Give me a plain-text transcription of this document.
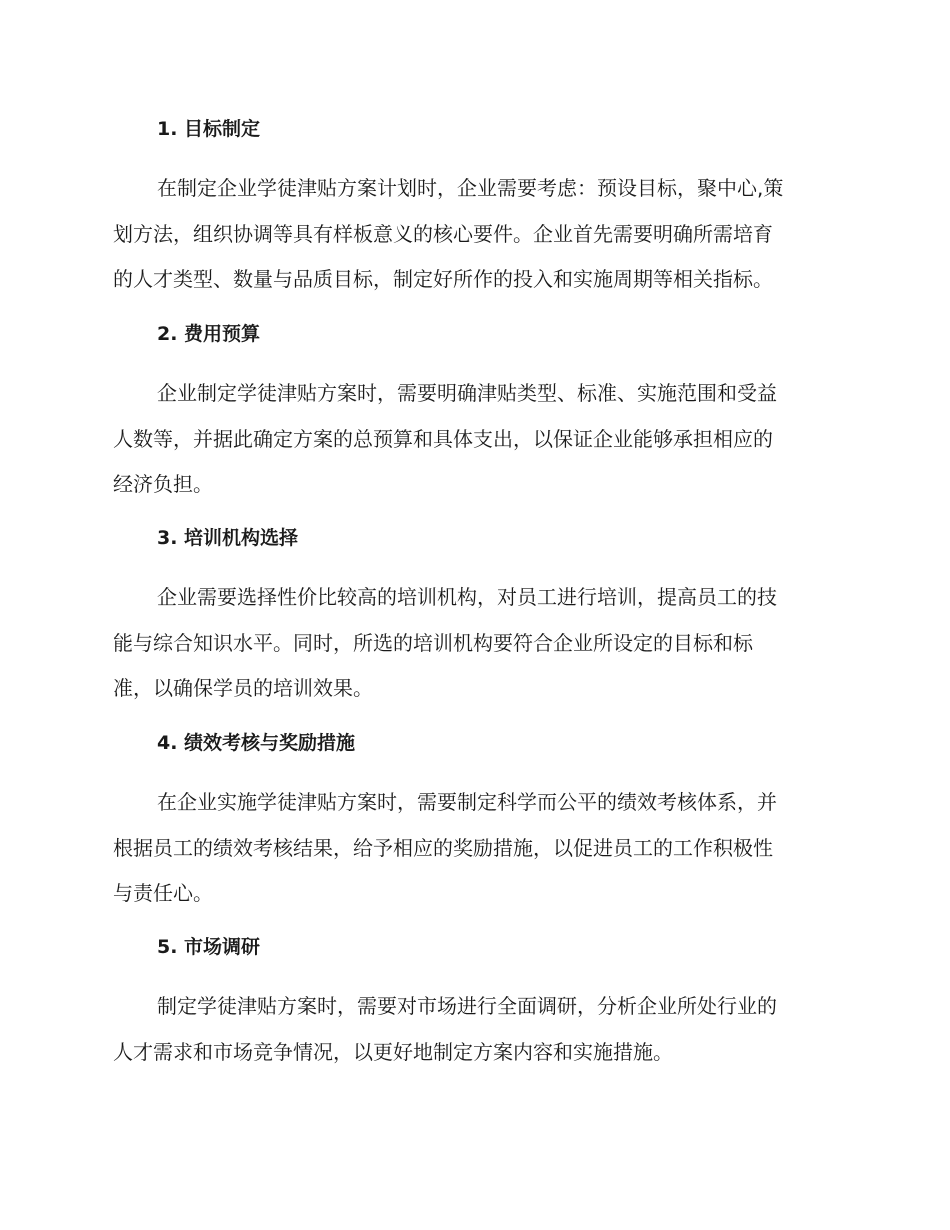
1. 目标制定
在制定企业学徒津贴方案计划时，企业需要考虑：预设目标，聚中心,策
划方法，组织协调等具有样板意义的核心要件。企业首先需要明确所需培育
的人才类型、数量与品质目标，制定好所作的投入和实施周期等相关指标。
2. 费用预算
企业制定学徒津贴方案时，需要明确津贴类型、标准、实施范围和受益
人数等，并据此确定方案的总预算和具体支出，以保证企业能够承担相应的
经济负担。
3. 培训机构选择
企业需要选择性价比较高的培训机构，对员工进行培训，提高员工的技
能与综合知识水平。同时，所选的培训机构要符合企业所设定的目标和标
准，以确保学员的培训效果。
4. 绩效考核与奖励措施
在企业实施学徒津贴方案时，需要制定科学而公平的绩效考核体系，并
根据员工的绩效考核结果，给予相应的奖励措施，以促进员工的工作积极性
与责任心。
5. 市场调研
制定学徒津贴方案时，需要对市场进行全面调研，分析企业所处行业的
人才需求和市场竞争情况，以更好地制定方案内容和实施措施。
